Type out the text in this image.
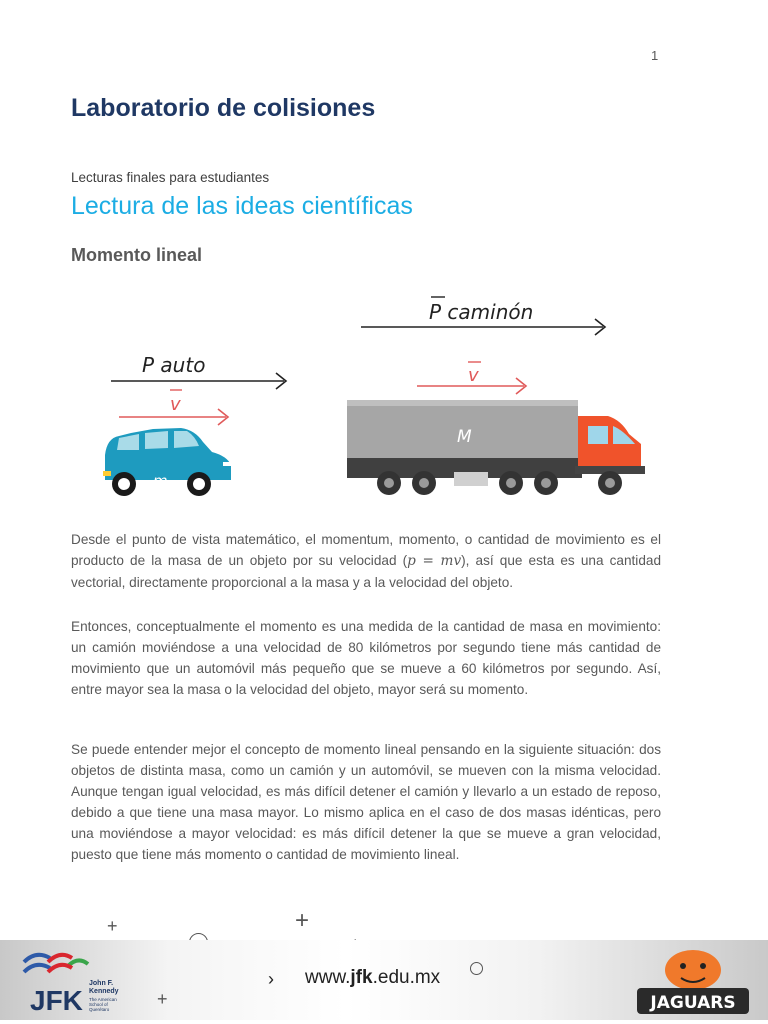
1
Laboratorio de colisiones
Lecturas finales para estudiantes
Lectura de las ideas científicas
Momento lineal
P caminón
P auto
v
v
m
M

Desde el punto de vista matemático, el momentum, momento, o cantidad de movimiento es el producto de la masa de un objeto por su velocidad (p = mv), así que esta es una cantidad vectorial, directamente proporcional a la masa y a la velocidad del objeto.

Entonces, conceptualmente el momento es una medida de la cantidad de masa en movimiento: un camión moviéndose a una velocidad de 80 kilómetros por segundo tiene más cantidad de movimiento que un automóvil más pequeño que se mueve a 60 kilómetros por segundo. Así, entre mayor sea la masa o la velocidad del objeto, mayor será su momento.

Se puede entender mejor el concepto de momento lineal pensando en la siguiente situación: dos objetos de distinta masa, como un camión y un automóvil, se mueven con la misma velocidad. Aunque tengan igual velocidad, es más difícil detener el camión y llevarlo a un estado de reposo, debido a que tiene una masa mayor. Lo mismo aplica en el caso de dos masas idénticas, pero una moviéndose a mayor velocidad: es más difícil detener la que se mueve a gran velocidad, puesto que tiene más momento o cantidad de movimiento lineal.

+	+
JFK
John F.
Kennedy
The American School of Querétaro
+
› www.jfk.edu.mx
JAGUARS
